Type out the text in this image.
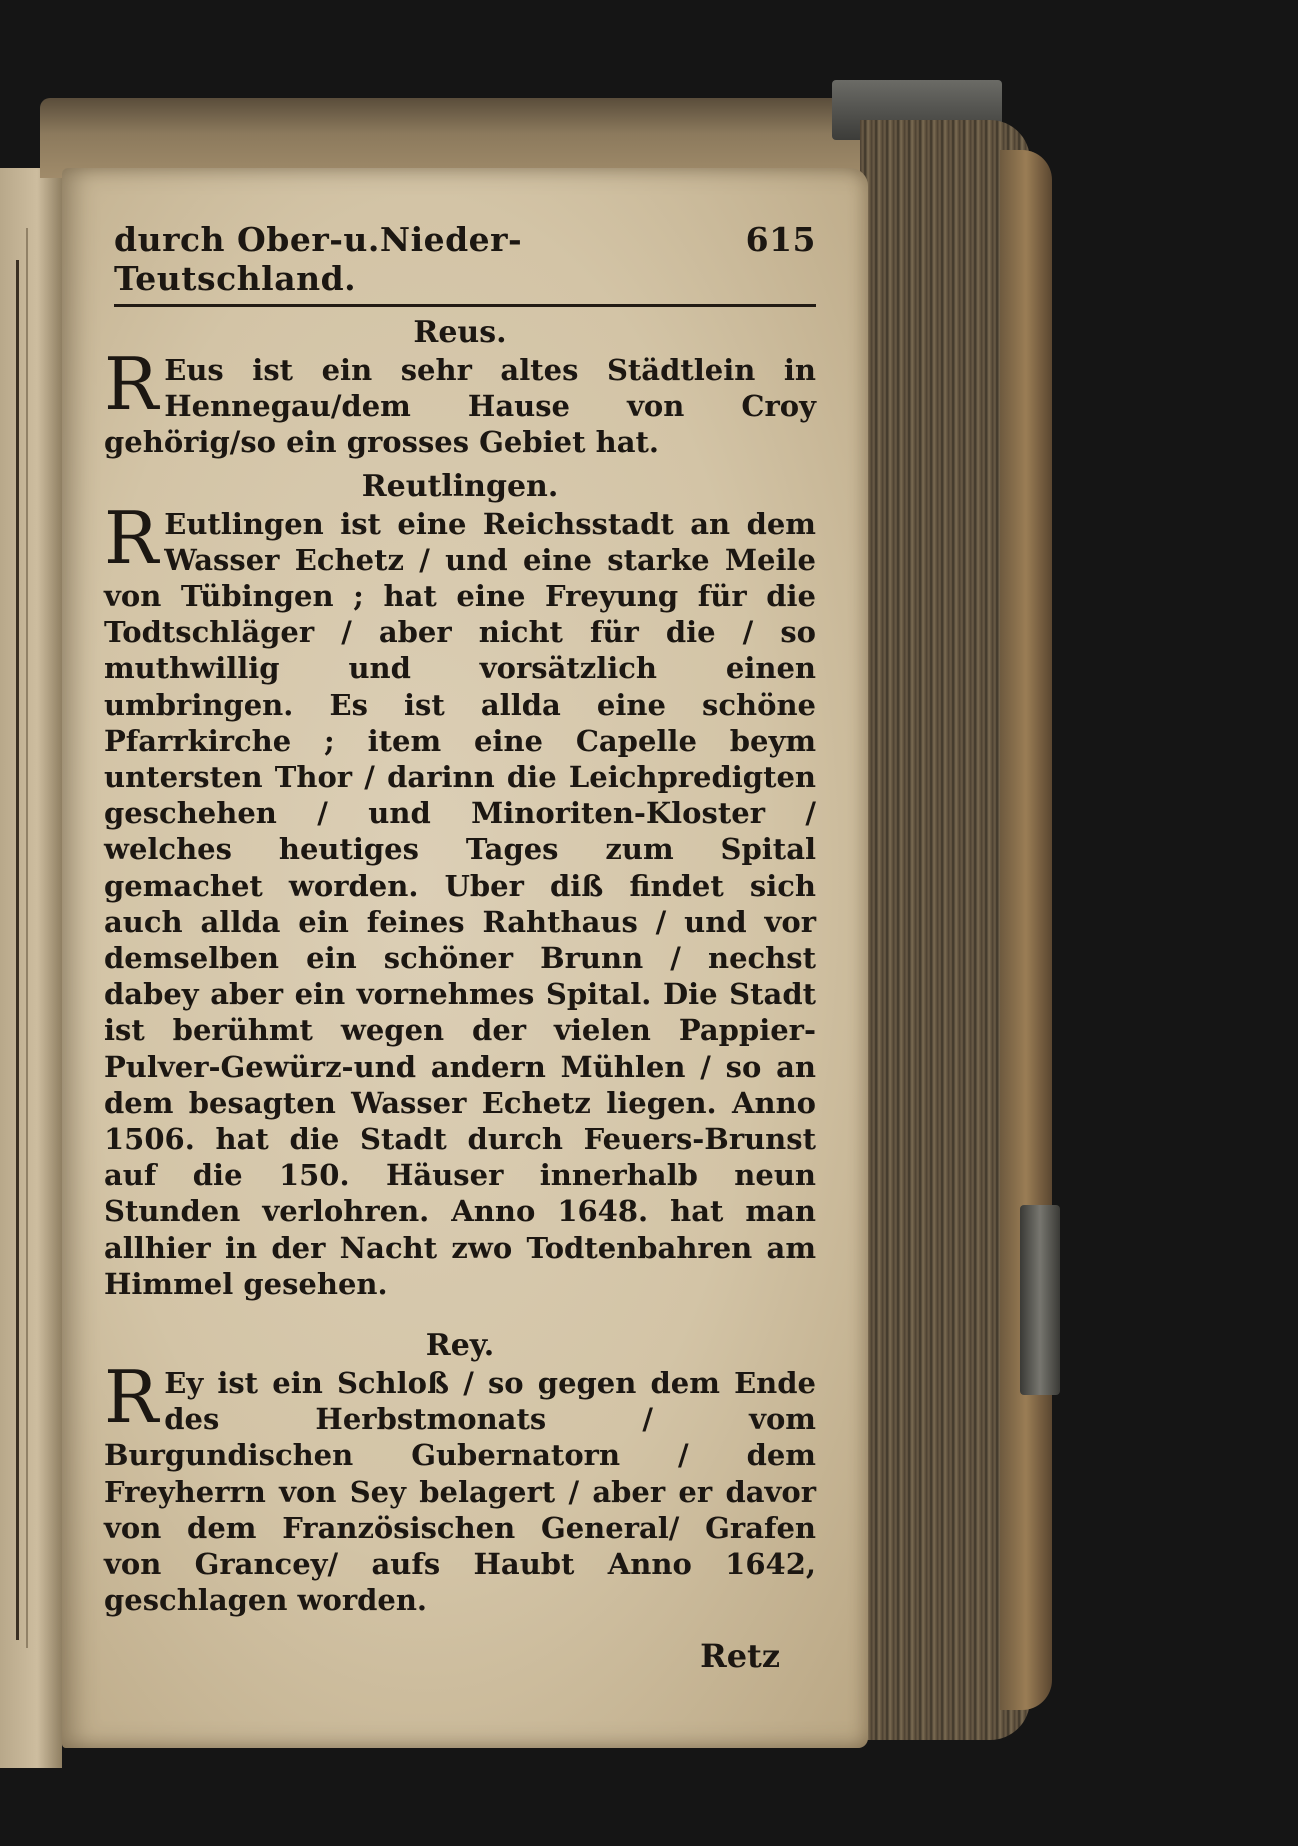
durch Ober-u.Nieder-Teutschland.
615
Reus.

R Eus ist ein sehr altes Städtlein in Hennegau/dem Hause von Croy gehörig/so ein grosses Gebiet hat.

Reutlingen.

R Eutlingen ist eine Reichsstadt an dem Wasser Echetz / und eine starke Meile von Tübingen ; hat eine Freyung für die Todtschläger / aber nicht für die / so muthwillig und vorsätzlich einen umbringen. Es ist allda eine schöne Pfarrkirche ; item eine Capelle beym untersten Thor / darinn die Leichpredigten geschehen / und Minoriten-Kloster / welches heutiges Tages zum Spital gemachet worden. Uber diß findet sich auch allda ein feines Rahthaus / und vor demselben ein schöner Brunn / nechst dabey aber ein vornehmes Spital. Die Stadt ist berühmt wegen der vielen Pappier-Pulver-Gewürz-und andern Mühlen / so an dem besagten Wasser Echetz liegen. Anno 1506. hat die Stadt durch Feuers-Brunst auf die 150. Häuser innerhalb neun Stunden verlohren. Anno 1648. hat man allhier in der Nacht zwo Todtenbahren am Himmel gesehen.

Rey.

R Ey ist ein Schloß / so gegen dem Ende des Herbstmonats / vom Burgundischen Gubernatorn / dem Freyherrn von Sey belagert / aber er davor von dem Französischen General/ Grafen von Grancey/ aufs Haubt Anno 1642, geschlagen worden.

Retz
